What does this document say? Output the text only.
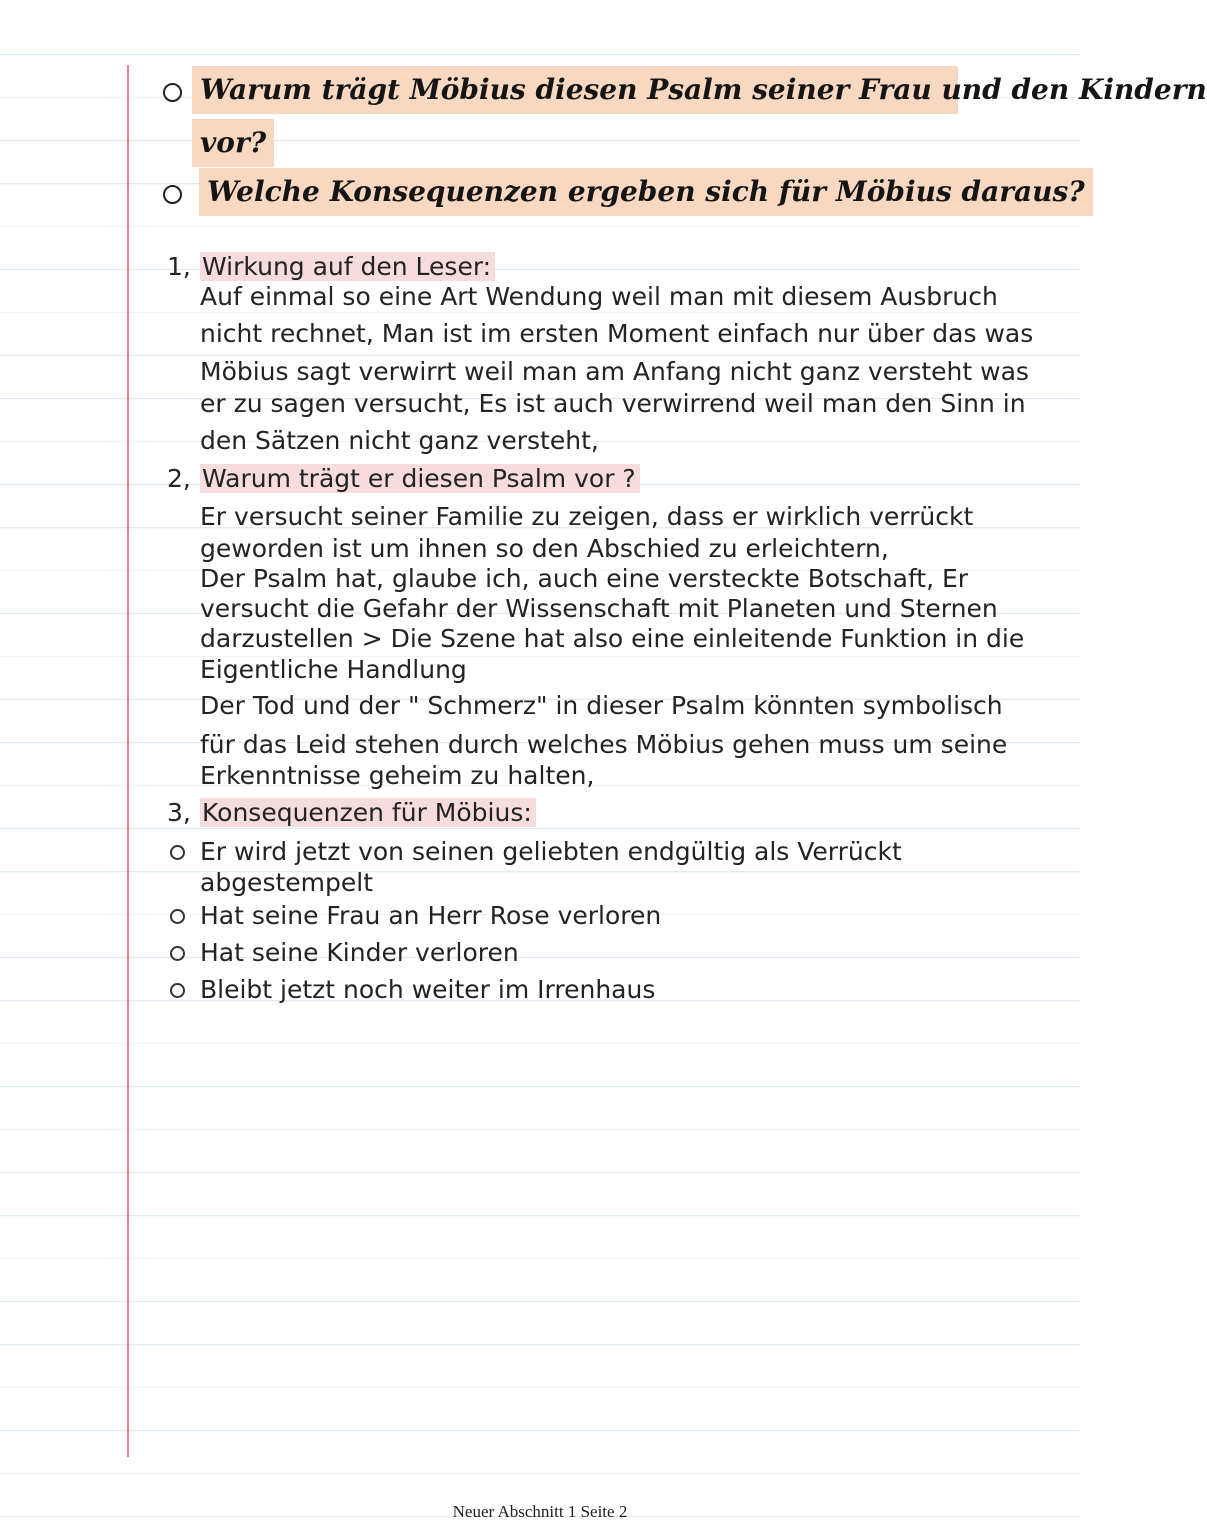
Warum trägt Möbius diesen Psalm seiner Frau und den Kindern
vor?
Welche Konsequenzen ergeben sich für Möbius daraus?
1, Wirkung auf den Leser:
Auf einmal so eine Art Wendung weil man mit diesem Ausbruch
nicht rechnet, Man ist im ersten Moment einfach nur über das was
Möbius sagt verwirrt weil man am Anfang nicht ganz versteht was
er zu sagen versucht, Es ist auch verwirrend weil man den Sinn in
den Sätzen nicht ganz versteht,
2, Warum trägt er diesen Psalm vor ?
Er versucht seiner Familie zu zeigen, dass er wirklich verrückt
geworden ist um ihnen so den Abschied zu erleichtern,
Der Psalm hat, glaube ich, auch eine versteckte Botschaft, Er
versucht die Gefahr der Wissenschaft mit Planeten und Sternen
darzustellen > Die Szene hat also eine einleitende Funktion in die
Eigentliche Handlung
Der Tod und der " Schmerz" in dieser Psalm könnten symbolisch
für das Leid stehen durch welches Möbius gehen muss um seine
Erkenntnisse geheim zu halten,
3, Konsequenzen für Möbius:
Er wird jetzt von seinen geliebten endgültig als Verrückt
abgestempelt
Hat seine Frau an Herr Rose verloren
Hat seine Kinder verloren
Bleibt jetzt noch weiter im Irrenhaus
Neuer Abschnitt 1 Seite 2
